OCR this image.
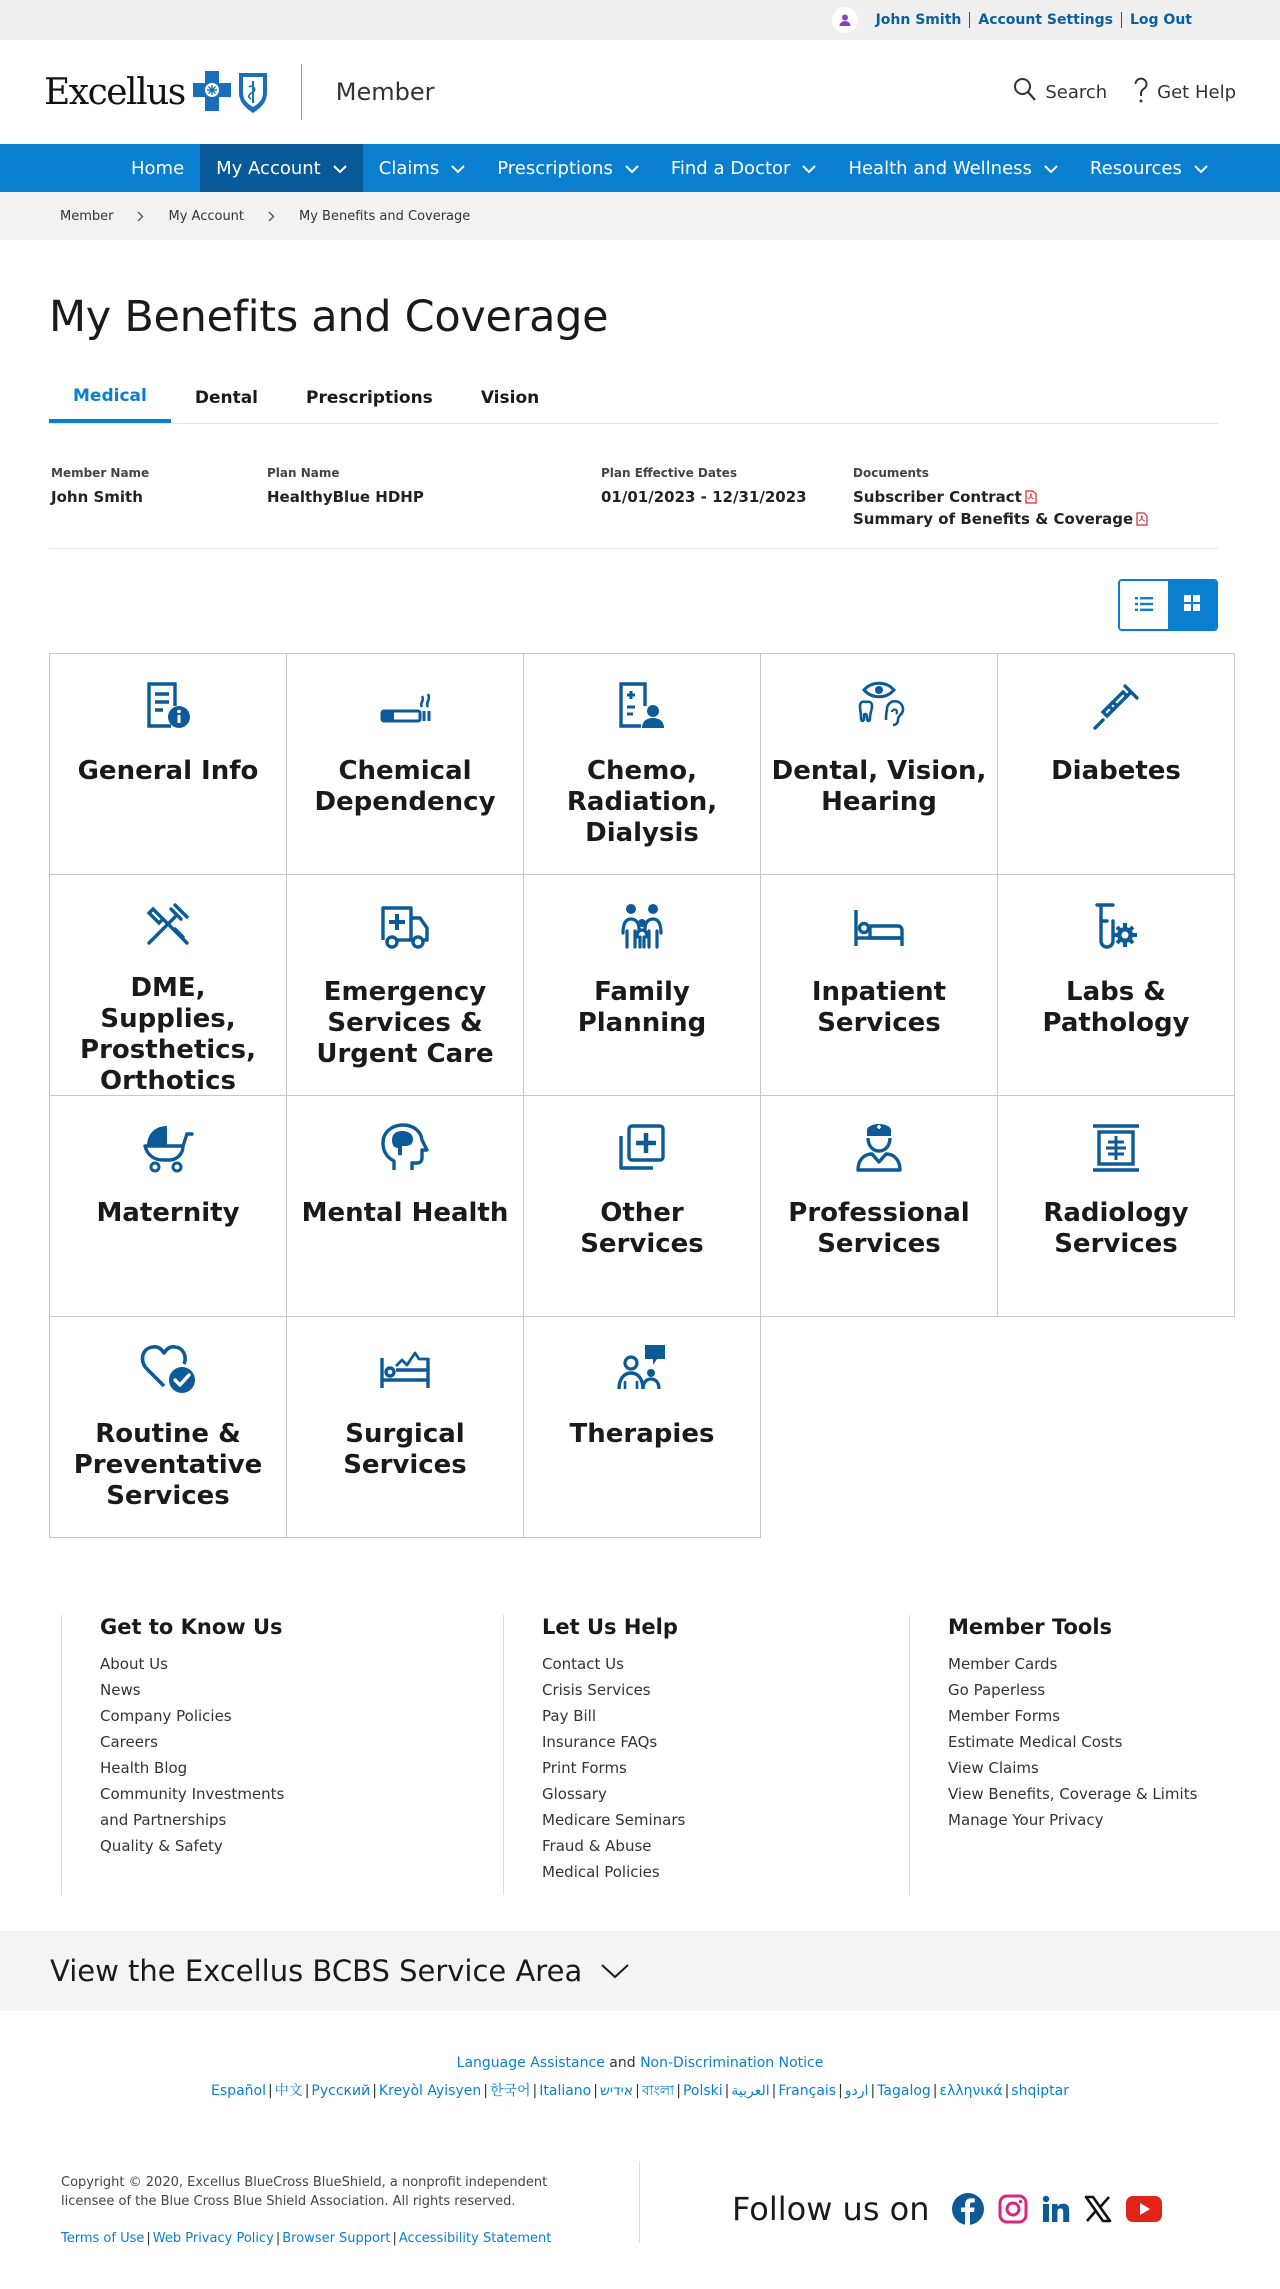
John Smith	Account Settings	Log Out
Excellus	Member	Search	Get Help
Home My Account	Claims	Prescriptions	Find a Doctor	Health and Wellness	Resources
Member	My Account	My Benefits and Coverage
My Benefits and Coverage
Medical	Dental	Prescriptions	Vision
Member Name
John Smith
Plan Name
HealthyBlue HDHP
Plan Effective Dates
01/01/2023 - 12/31/2023
Documents
Subscriber Contract
Summary of Benefits & Coverage
General Info	Chemical Dependency
Chemo, Radiation, Dialysis
Dental, Vision, Hearing
Diabetes
DME, Supplies, Prosthetics, Orthotics
Emergency Services & Urgent Care
Family Planning
Inpatient Services
Labs & Pathology
Maternity	Mental Health	Other Services
Professional Services
Radiology Services
Routine & Preventative Services
Surgical Services
Therapies
Get to Know Us
About Us
News
Company Policies
Careers
Health Blog
Community Investments
and Partnerships
Quality & Safety
Let Us Help
Contact Us
Crisis Services
Pay Bill
Insurance FAQs
Print Forms
Glossary
Medicare Seminars
Fraud & Abuse
Medical Policies
Member Tools
Member Cards
Go Paperless
Member Forms
Estimate Medical Costs
View Claims
View Benefits, Coverage & Limits
Manage Your Privacy
View the Excellus BCBS Service Area
Language Assistance and Non-Discrimination Notice
Español | 中文 | Русский | Kreyòl Ayisyen | 한국어 | Italiano | אידיש | বাংলা | Polski | العربية | Français | اردو | Tagalog | ελληνικά | shqiptar
Copyright © 2020, Excellus BlueCross BlueShield, a nonprofit independent
licensee of the Blue Cross Blue Shield Association. All rights reserved.
Terms of Use | Web Privacy Policy | Browser Support | Accessibility Statement
Follow us on
